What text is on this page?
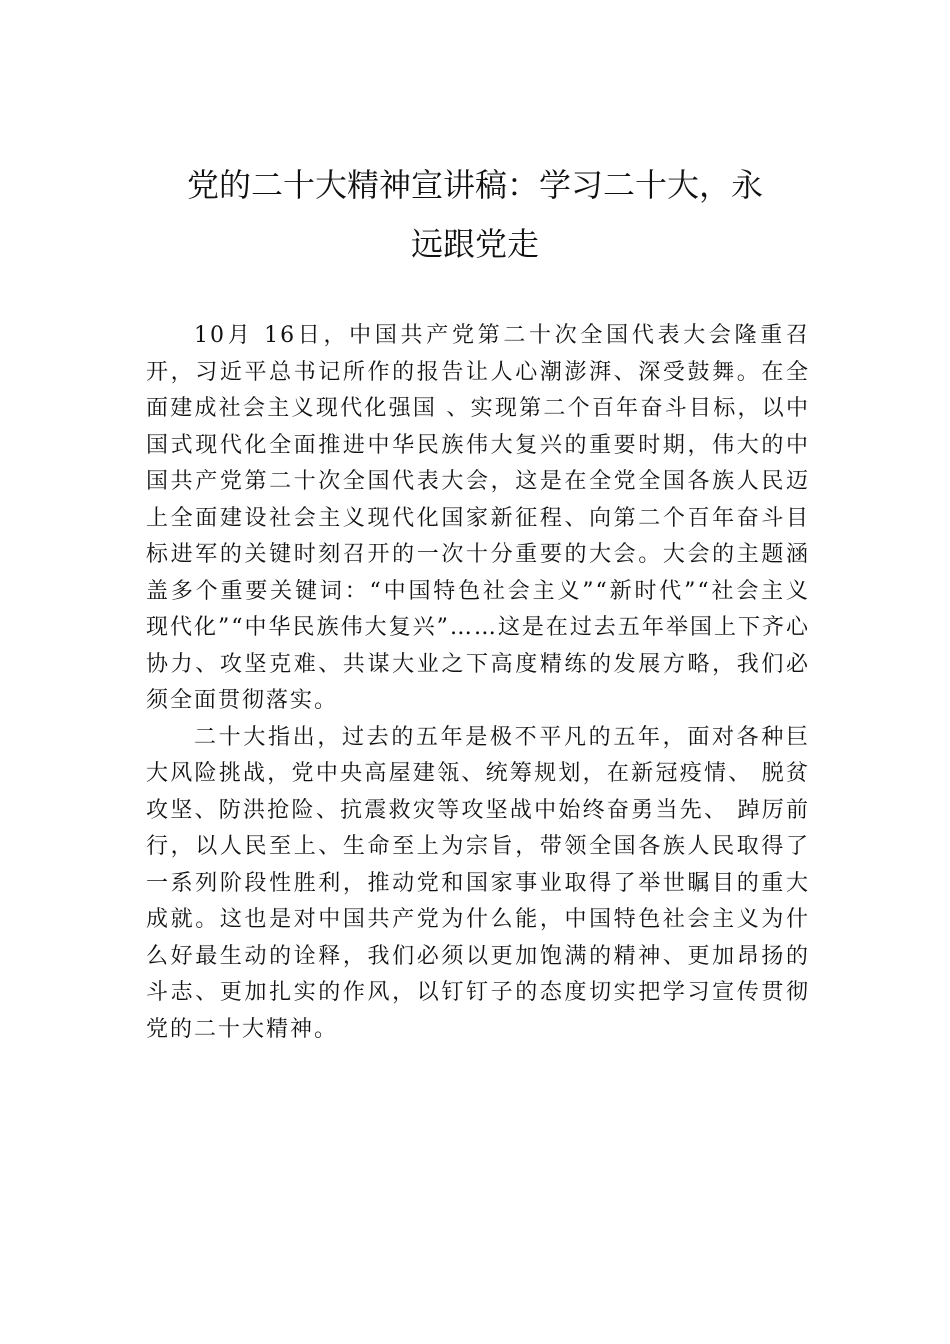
党的二十大精神宣讲稿：学习二十大，永
远跟党走

10月 16日，中国共产党第二十次全国代表大会隆重召开，习近平总书记所作的报告让人心潮澎湃、深受鼓舞。在全面建成社会主义现代化强国 、实现第二个百年奋斗目标，以中国式现代化全面推进中华民族伟大复兴的重要时期，伟大的中国共产党第二十次全国代表大会，这是在全党全国各族人民迈上全面建设社会主义现代化国家新征程、向第二个百年奋斗目标进军的关键时刻召开的一次十分重要的大会。大会的主题涵盖多个重要关键词：“中国特色社会主义”“新时代”“社会主义现代化”“中华民族伟大复兴”……这是在过去五年举国上下齐心协力、攻坚克难、共谋大业之下高度精练的发展方略，我们必须全面贯彻落实。

二十大指出，过去的五年是极不平凡的五年，面对各种巨大风险挑战，党中央高屋建瓴、统筹规划，在新冠疫情、 脱贫攻坚、防洪抢险、抗震救灾等攻坚战中始终奋勇当先、 踔厉前行，以人民至上、生命至上为宗旨，带领全国各族人民取得了一系列阶段性胜利，推动党和国家事业取得了举世瞩目的重大成就。这也是对中国共产党为什么能，中国特色社会主义为什么好最生动的诠释，我们必须以更加饱满的精神、更加昂扬的斗志、更加扎实的作风，以钉钉子的态度切实把学习宣传贯彻党的二十大精神。
